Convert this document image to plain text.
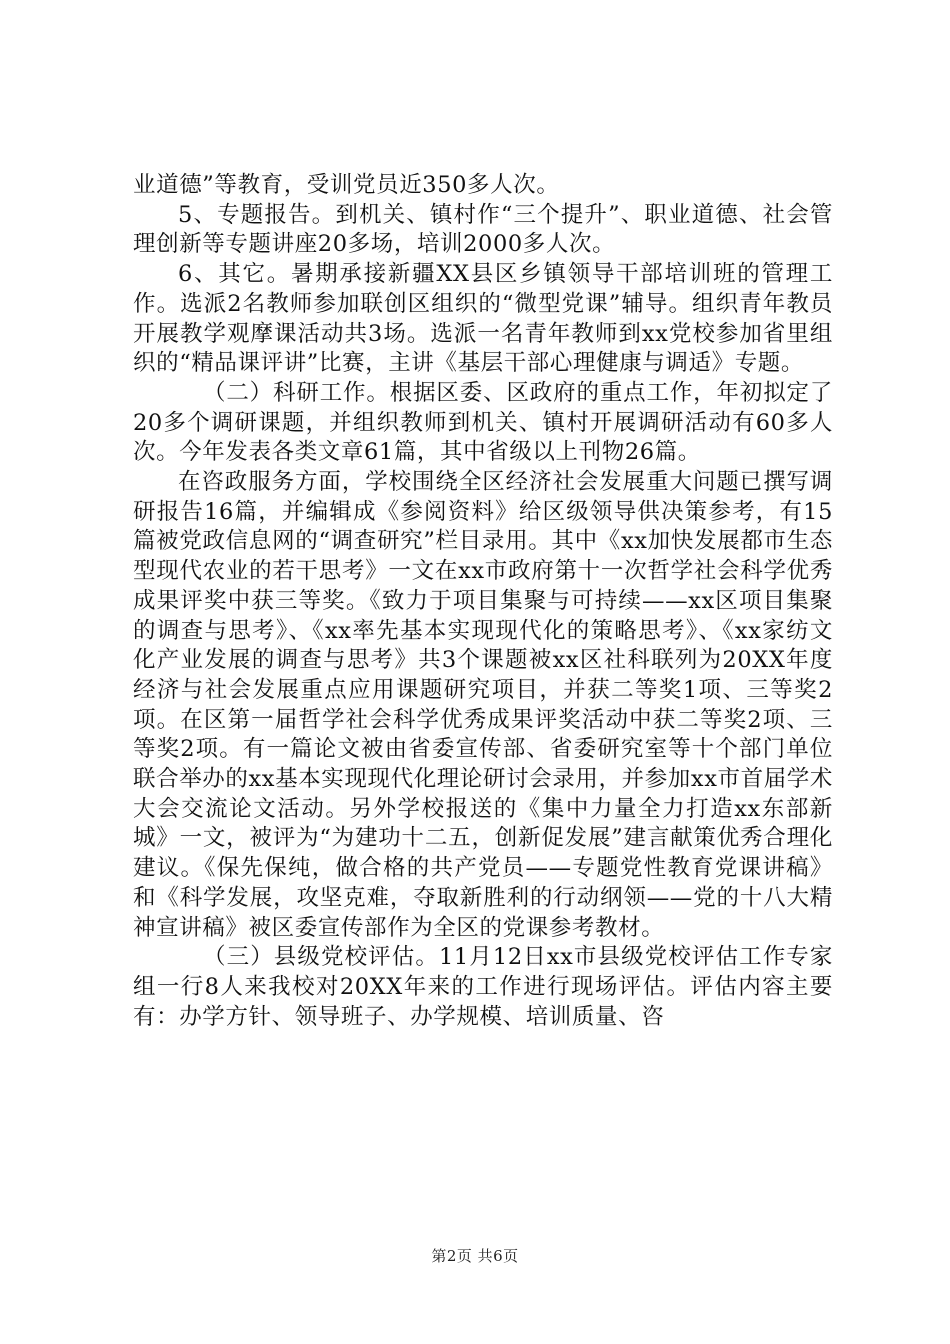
业道德”等教育，受训党员近350多人次。

5、专题报告。到机关、镇村作“三个提升”、职业道德、社会管理创新等专题讲座20多场，培训2000多人次。

6、其它。暑期承接新疆XX县区乡镇领导干部培训班的管理工作。选派2名教师参加联创区组织的“微型党课”辅导。组织青年教员开展教学观摩课活动共3场。选派一名青年教师到xx党校参加省里组织的“精品课评讲”比赛，主讲《基层干部心理健康与调适》专题。

（二）科研工作。根据区委、区政府的重点工作，年初拟定了20多个调研课题，并组织教师到机关、镇村开展调研活动有60多人次。今年发表各类文章61篇，其中省级以上刊物26篇。

在咨政服务方面，学校围绕全区经济社会发展重大问题已撰写调研报告16篇，并编辑成《参阅资料》给区级领导供决策参考，有15篇被党政信息网的“调查研究”栏目录用。其中《xx加快发展都市生态型现代农业的若干思考》一文在xx市政府第十一次哲学社会科学优秀成果评奖中获三等奖。《致力于项目集聚与可持续——xx区项目集聚的调查与思考》、《xx率先基本实现现代化的策略思考》、《xx家纺文化产业发展的调查与思考》共3个课题被xx区社科联列为20XX年度经济与社会发展重点应用课题研究项目，并获二等奖1项、三等奖2项。在区第一届哲学社会科学优秀成果评奖活动中获二等奖2项、三等奖2项。有一篇论文被由省委宣传部、省委研究室等十个部门单位联合举办的xx基本实现现代化理论研讨会录用，并参加xx市首届学术大会交流论文活动。另外学校报送的《集中力量全力打造xx东部新城》一文，被评为“为建功十二五，创新促发展”建言献策优秀合理化建议。《保先保纯，做合格的共产党员——专题党性教育党课讲稿》和《科学发展，攻坚克难，夺取新胜利的行动纲领——党的十八大精神宣讲稿》被区委宣传部作为全区的党课参考教材。

（三）县级党校评估。11月12日xx市县级党校评估工作专家组一行8人来我校对20XX年来的工作进行现场评估。评估内容主要有：办学方针、领导班子、办学规模、培训质量、咨

第2页 共6页
